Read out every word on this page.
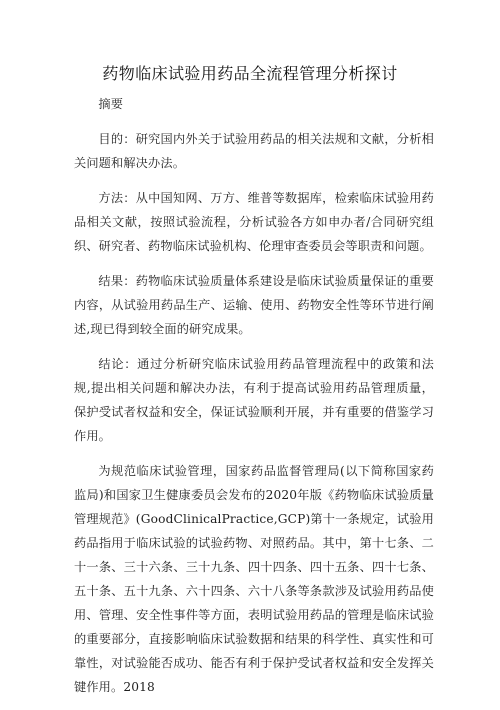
药物临床试验用药品全流程管理分析探讨

摘要

目的：研究国内外关于试验用药品的相关法规和文献，分析相关问题和解决办法。

方法：从中国知网、万方、维普等数据库，检索临床试验用药品相关文献，按照试验流程，分析试验各方如申办者/合同研究组织、研究者、药物临床试验机构、伦理审查委员会等职责和问题。

结果：药物临床试验质量体系建设是临床试验质量保证的重要内容，从试验用药品生产、运输、使用、药物安全性等环节进行阐述,现已得到较全面的研究成果。

结论：通过分析研究临床试验用药品管理流程中的政策和法规,提出相关问题和解决办法，有利于提高试验用药品管理质量，保护受试者权益和安全，保证试验顺利开展，并有重要的借鉴学习作用。

为规范临床试验管理，国家药品监督管理局(以下简称国家药监局)和国家卫生健康委员会发布的2020年版《药物临床试验质量管理规范》(GoodClinicalPractice,GCP)第十一条规定，试验用药品指用于临床试验的试验药物、对照药品。其中，第十七条、二十一条、三十六条、三十九条、四十四条、四十五条、四十七条、五十条、五十九条、六十四条、六十八条等条款涉及试验用药品使用、管理、安全性事件等方面，表明试验用药品的管理是临床试验的重要部分，直接影响临床试验数据和结果的科学性、真实性和可靠性，对试验能否成功、能否有利于保护受试者权益和安全发挥关键作用。2018
